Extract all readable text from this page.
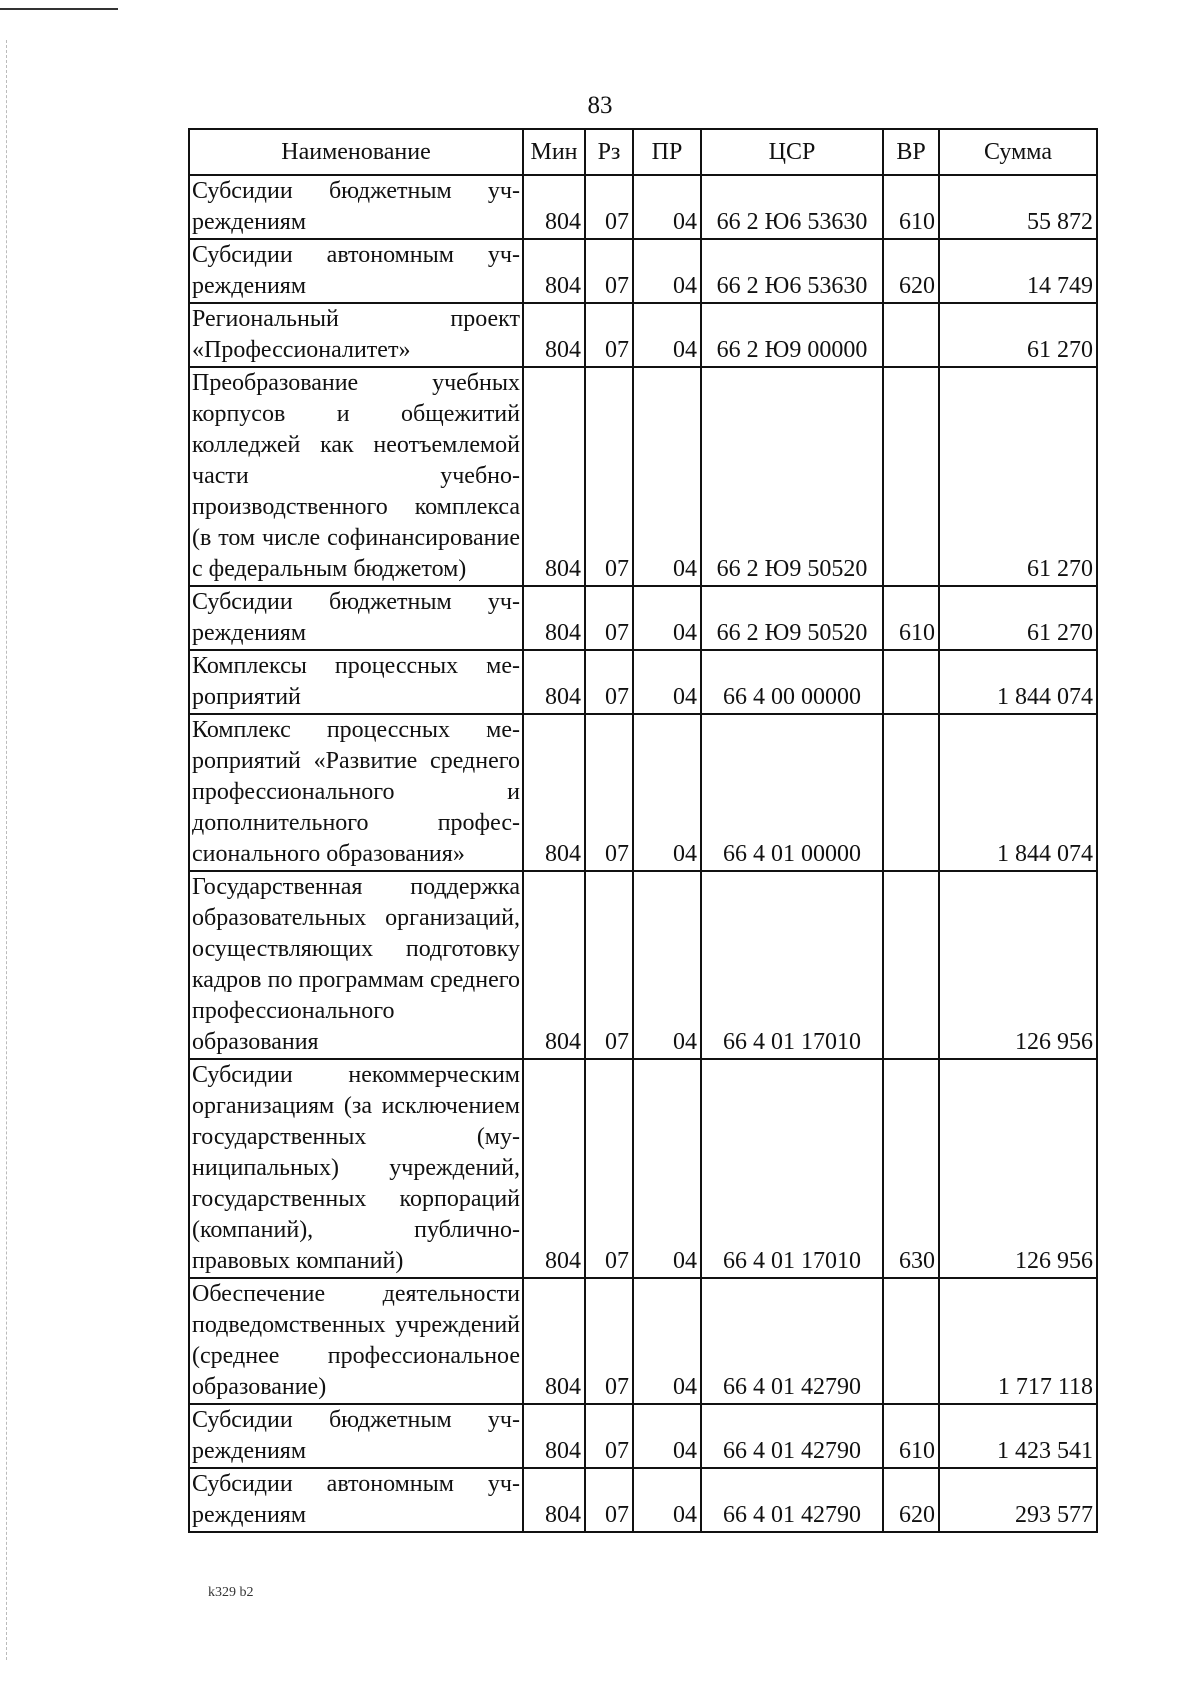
83
Наименование	Мин	Рз	ПР	ЦСР	ВР	Сумма
Субсидии бюджетным учреждениям	804	07	04	66 2 Ю6 53630	610	55 872
Субсидии автономным учреждениям	804	07	04	66 2 Ю6 53630	620	14 749
Региональный проект «Профессионалитет»	804	07	04	66 2 Ю9 00000		61 270
Преобразование учебных корпусов и общежитий колледжей как неотъемлемой части учебно-производственного комплекса (в том числе софинансирование с федеральным бюджетом)	804	07	04	66 2 Ю9 50520		61 270
Субсидии бюджетным учреждениям	804	07	04	66 2 Ю9 50520	610	61 270
Комплексы процессных мероприятий	804	07	04	66 4 00 00000		1 844 074
Комплекс процессных мероприятий «Развитие среднего профессионального и дополнительного профессионального образования»	804	07	04	66 4 01 00000		1 844 074
Государственная поддержка образовательных организаций, осуществляющих подготовку кадров по программам среднего профессионального образования	804	07	04	66 4 01 17010		126 956
Субсидии некоммерческим организациям (за исключением государственных (муниципальных) учреждений, государственных корпораций (компаний), публично-правовых компаний)	804	07	04	66 4 01 17010	630	126 956
Обеспечение деятельности подведомственных учреждений (среднее профессиональное образование)	804	07	04	66 4 01 42790		1 717 118
Субсидии бюджетным учреждениям	804	07	04	66 4 01 42790	610	1 423 541
Субсидии автономным учреждениям	804	07	04	66 4 01 42790	620	293 577
k329 b2
